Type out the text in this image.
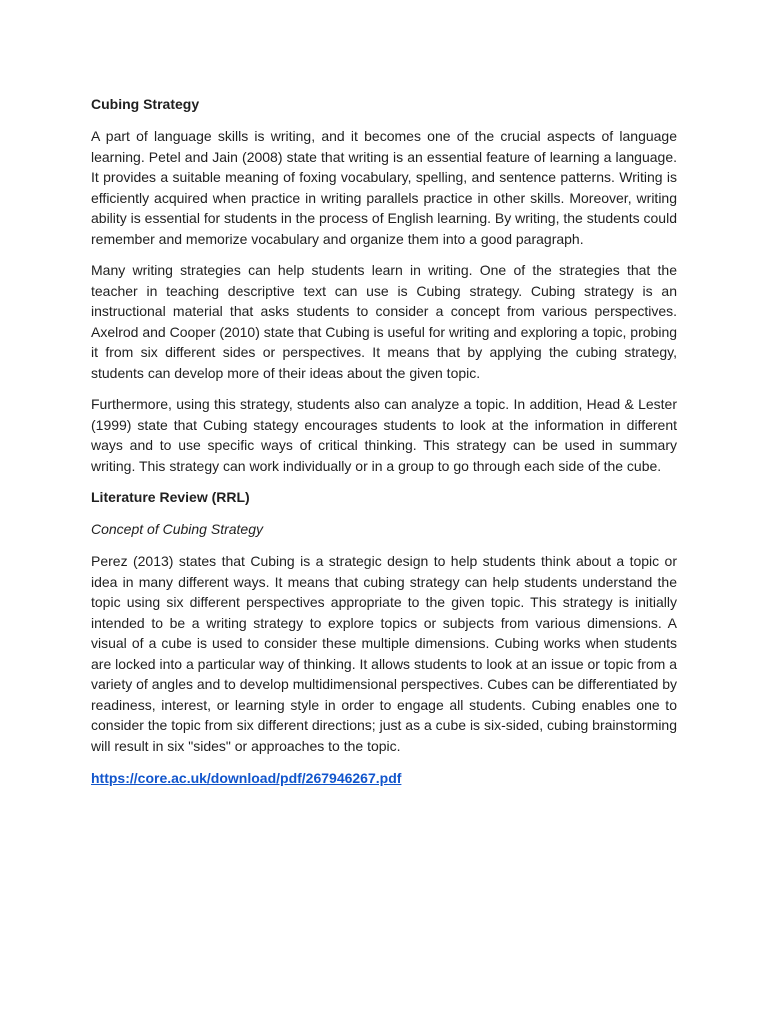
Cubing Strategy

A part of language skills is writing, and it becomes one of the crucial aspects of language learning. Petel and Jain (2008) state that writing is an essential feature of learning a language. It provides a suitable meaning of foxing vocabulary, spelling, and sentence patterns. Writing is efficiently acquired when practice in writing parallels practice in other skills. Moreover, writing ability is essential for students in the process of English learning. By writing, the students could remember and memorize vocabulary and organize them into a good paragraph.

Many writing strategies can help students learn in writing. One of the strategies that the teacher in teaching descriptive text can use is Cubing strategy. Cubing strategy is an instructional material that asks students to consider a concept from various perspectives. Axelrod and Cooper (2010) state that Cubing is useful for writing and exploring a topic, probing it from six different sides or perspectives. It means that by applying the cubing strategy, students can develop more of their ideas about the given topic.

Furthermore, using this strategy, students also can analyze a topic. In addition, Head & Lester (1999) state that Cubing stategy encourages students to look at the information in different ways and to use specific ways of critical thinking. This strategy can be used in summary writing. This strategy can work individually or in a group to go through each side of the cube.

Literature Review (RRL)
Concept of Cubing Strategy

Perez (2013) states that Cubing is a strategic design to help students think about a topic or idea in many different ways. It means that cubing strategy can help students understand the topic using six different perspectives appropriate to the given topic. This strategy is initially intended to be a writing strategy to explore topics or subjects from various dimensions. A visual of a cube is used to consider these multiple dimensions. Cubing works when students are locked into a particular way of thinking. It allows students to look at an issue or topic from a variety of angles and to develop multidimensional perspectives. Cubes can be differentiated by readiness, interest, or learning style in order to engage all students. Cubing enables one to consider the topic from six different directions; just as a cube is six-sided, cubing brainstorming will result in six "sides" or approaches to the topic.

https://core.ac.uk/download/pdf/267946267.pdf
